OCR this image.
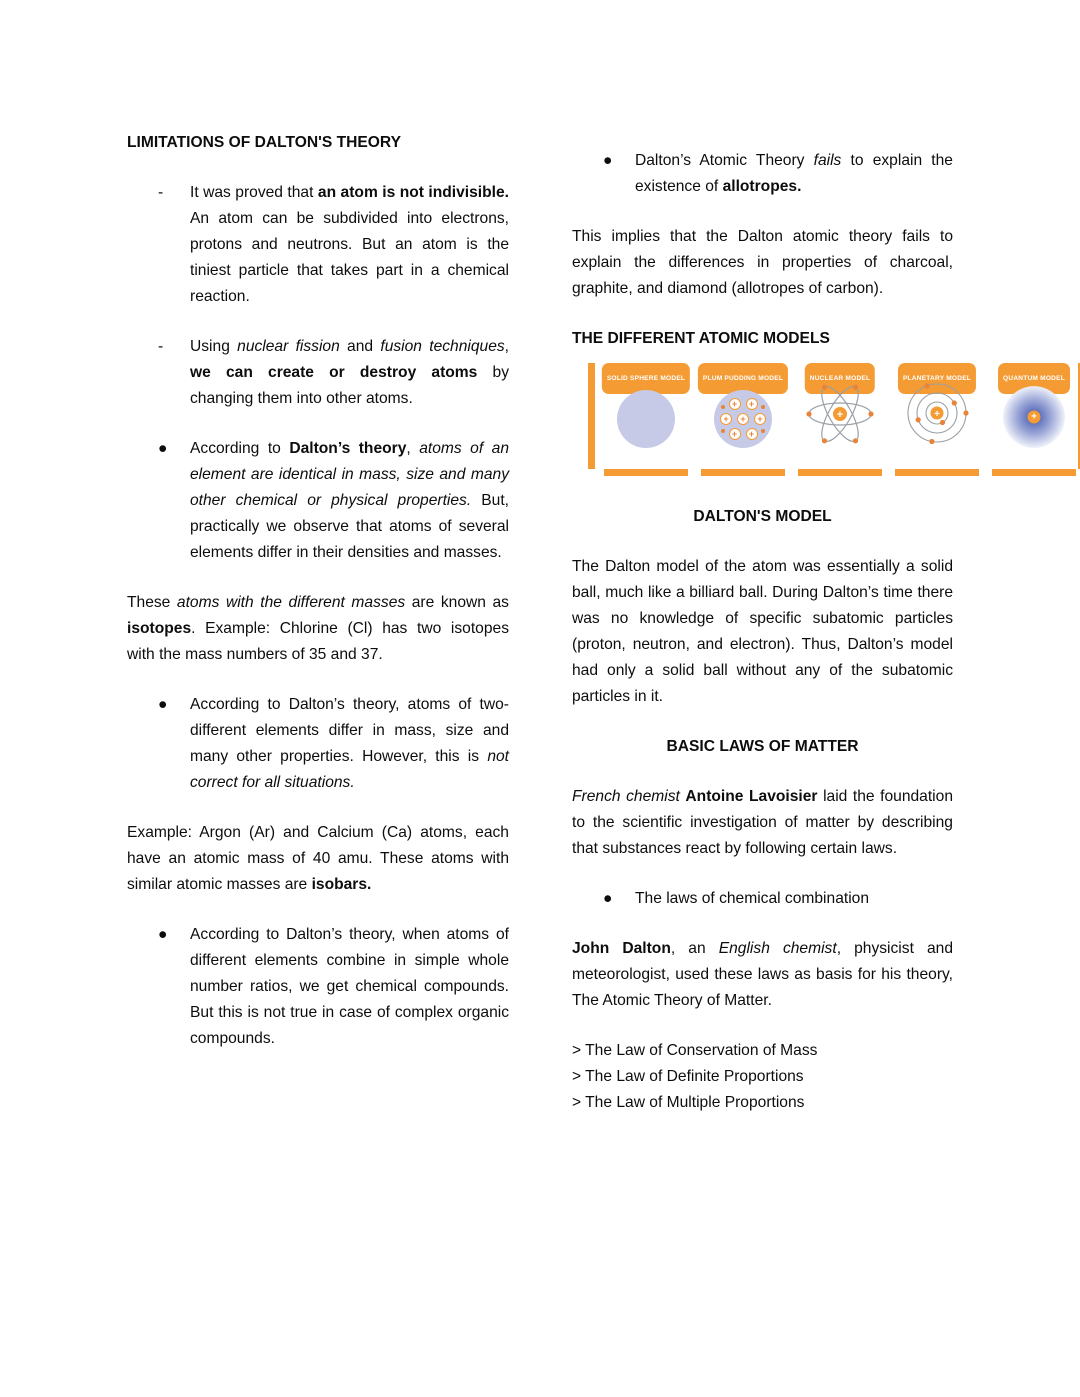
LIMITATIONS OF DALTON'S THEORY
-	It was proved that an atom is not indivisible. An atom can be subdivided into electrons, protons and neutrons. But an atom is the tiniest particle that takes part in a chemical reaction.
-	Using nuclear fission and fusion techniques, we can create or destroy atoms by changing them into other atoms.
●	According to Dalton’s theory, atoms of an element are identical in mass, size and many other chemical or physical properties. But, practically we observe that atoms of several elements differ in their densities and masses.
These atoms with the different masses are known as isotopes. Example: Chlorine (Cl) has two isotopes with the mass numbers of 35 and 37.
●	According to Dalton’s theory, atoms of two- different elements differ in mass, size and many other properties. However, this is not correct for all situations.
Example: Argon (Ar) and Calcium (Ca) atoms, each have an atomic mass of 40 amu. These atoms with similar atomic masses are isobars.
●	According to Dalton’s theory, when atoms of different elements combine in simple whole number ratios, we get chemical compounds. But this is not true in case of complex organic compounds.
●	Dalton’s Atomic Theory fails to explain the existence of allotropes.
This implies that the Dalton atomic theory fails to explain the differences in properties of charcoal, graphite, and diamond (allotropes of carbon).
THE DIFFERENT ATOMIC MODELS
SOLID SPHERE MODEL	PLUM PUDDING MODEL
+	+
+
+
+
+	+
NUCLEAR MODEL
+
PLANETARY MODEL
+
QUANTUM MODEL
+
DALTON'S MODEL
The Dalton model of the atom was essentially a solid ball, much like a billiard ball. During Dalton’s time there was no knowledge of specific subatomic particles (proton, neutron, and electron). Thus, Dalton’s model had only a solid ball without any of the subatomic particles in it.
BASIC LAWS OF MATTER
French chemist Antoine Lavoisier laid the foundation to the scientific investigation of matter by describing that substances react by following certain laws.
●	The laws of chemical combination
John Dalton, an English chemist, physicist and meteorologist, used these laws as basis for his theory, The Atomic Theory of Matter.
> The Law of Conservation of Mass
> The Law of Definite Proportions
> The Law of Multiple Proportions
